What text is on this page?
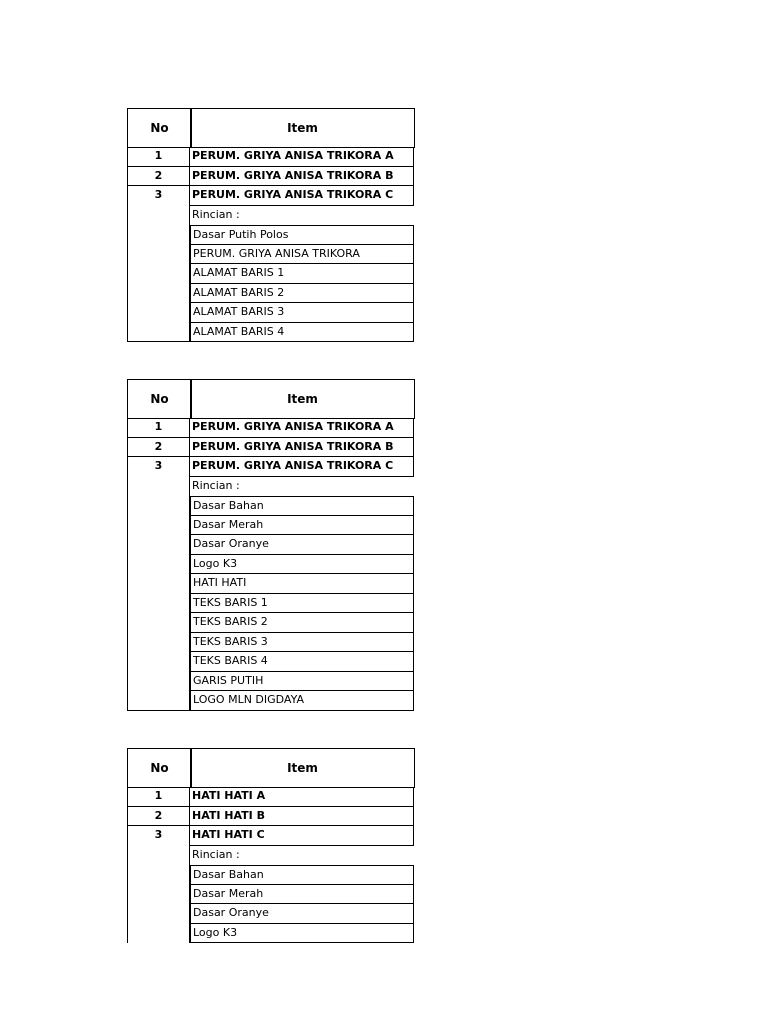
No	Item
1	PERUM. GRIYA ANISA TRIKORA A
2	PERUM. GRIYA ANISA TRIKORA B
3	PERUM. GRIYA ANISA TRIKORA C
Rincian :
Dasar Putih Polos
PERUM. GRIYA ANISA TRIKORA
ALAMAT BARIS 1
ALAMAT BARIS 2
ALAMAT BARIS 3
ALAMAT BARIS 4
No	Item
1	PERUM. GRIYA ANISA TRIKORA A
2	PERUM. GRIYA ANISA TRIKORA B
3	PERUM. GRIYA ANISA TRIKORA C
Rincian :
Dasar Bahan
Dasar Merah
Dasar Oranye
Logo K3
HATI HATI
TEKS BARIS 1
TEKS BARIS 2
TEKS BARIS 3
TEKS BARIS 4
GARIS PUTIH
LOGO MLN DIGDAYA
No	Item
1	HATI HATI A
2	HATI HATI B
3	HATI HATI C
Rincian :
Dasar Bahan
Dasar Merah
Dasar Oranye
Logo K3
